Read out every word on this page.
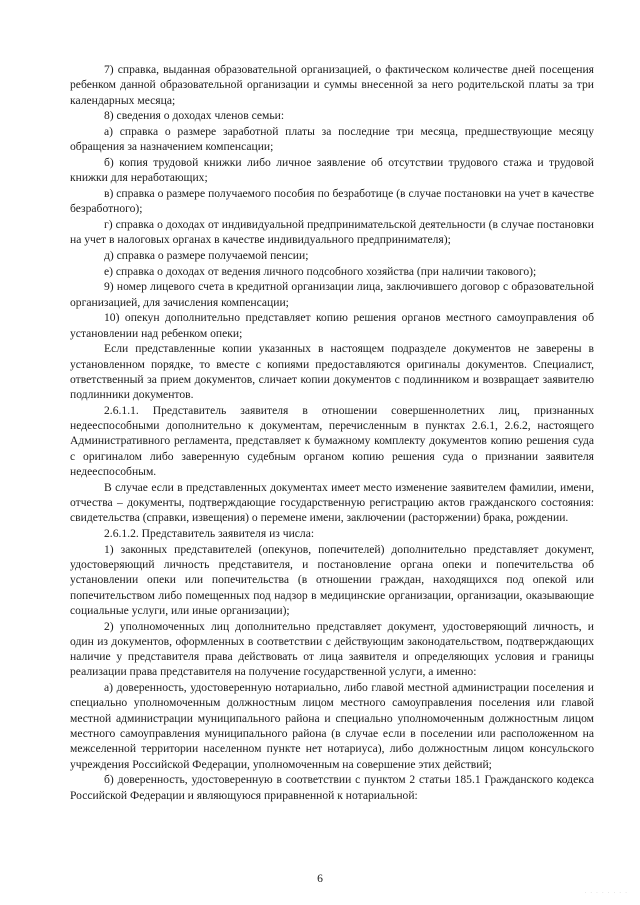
7) справка, выданная образовательной организацией, о фактическом количестве дней посещения ребенком данной образовательной организации и суммы внесенной за него родительской платы за три календарных месяца;

8) сведения о доходах членов семьи:

а) справка о размере заработной платы за последние три месяца, предшествующие месяцу обращения за назначением компенсации;

б) копия трудовой книжки либо личное заявление об отсутствии трудового стажа и трудовой книжки для неработающих;

в) справка о размере получаемого пособия по безработице (в случае постановки на учет в качестве безработного);

г) справка о доходах от индивидуальной предпринимательской деятельности (в случае постановки на учет в налоговых органах в качестве индивидуального предпринимателя);

д) справка о размере получаемой пенсии;

е) справка о доходах от ведения личного подсобного хозяйства (при наличии такового);

9) номер лицевого счета в кредитной организации лица, заключившего договор с образовательной организацией, для зачисления компенсации;

10) опекун дополнительно представляет копию решения органов местного самоуправления об установлении над ребенком опеки;

Если представленные копии указанных в настоящем подразделе документов не заверены в установленном порядке, то вместе с копиями предоставляются оригиналы документов. Специалист, ответственный за прием документов, сличает копии документов с подлинником и возвращает заявителю подлинники документов.

2.6.1.1. Представитель заявителя в отношении совершеннолетних лиц, признанных недееспособными дополнительно к документам, перечисленным в пунктах 2.6.1, 2.6.2, настоящего Административного регламента, представляет к бумажному комплекту документов копию решения суда с оригиналом либо заверенную судебным органом копию решения суда о признании заявителя недееспособным.

В случае если в представленных документах имеет место изменение заявителем фамилии, имени, отчества – документы, подтверждающие государственную регистрацию актов гражданского состояния: свидетельства (справки, извещения) о перемене имени, заключении (расторжении) брака, рождении.

2.6.1.2. Представитель заявителя из числа:

1) законных представителей (опекунов, попечителей) дополнительно представляет документ, удостоверяющий личность представителя, и постановление органа опеки и попечительства об установлении опеки или попечительства (в отношении граждан, находящихся под опекой или попечительством либо помещенных под надзор в медицинские организации, организации, оказывающие социальные услуги, или иные организации);

2) уполномоченных лиц дополнительно представляет документ, удостоверяющий личность, и один из документов, оформленных в соответствии с действующим законодательством, подтверждающих наличие у представителя права действовать от лица заявителя и определяющих условия и границы реализации права представителя на получение государственной услуги, а именно:

а) доверенность, удостоверенную нотариально, либо главой местной администрации поселения и специально уполномоченным должностным лицом местного самоуправления поселения или главой местной администрации муниципального района и специально уполномоченным должностным лицом местного самоуправления муниципального района (в случае если в поселении или расположенном на межселенной территории населенном пункте нет нотариуса), либо должностным лицом консульского учреждения Российской Федерации, уполномоченным на совершение этих действий;

б) доверенность, удостоверенную в соответствии с пунктом 2 статьи 185.1 Гражданского кодекса Российской Федерации и являющуюся приравненной к нотариальной:

6
· · · · · · · ·
